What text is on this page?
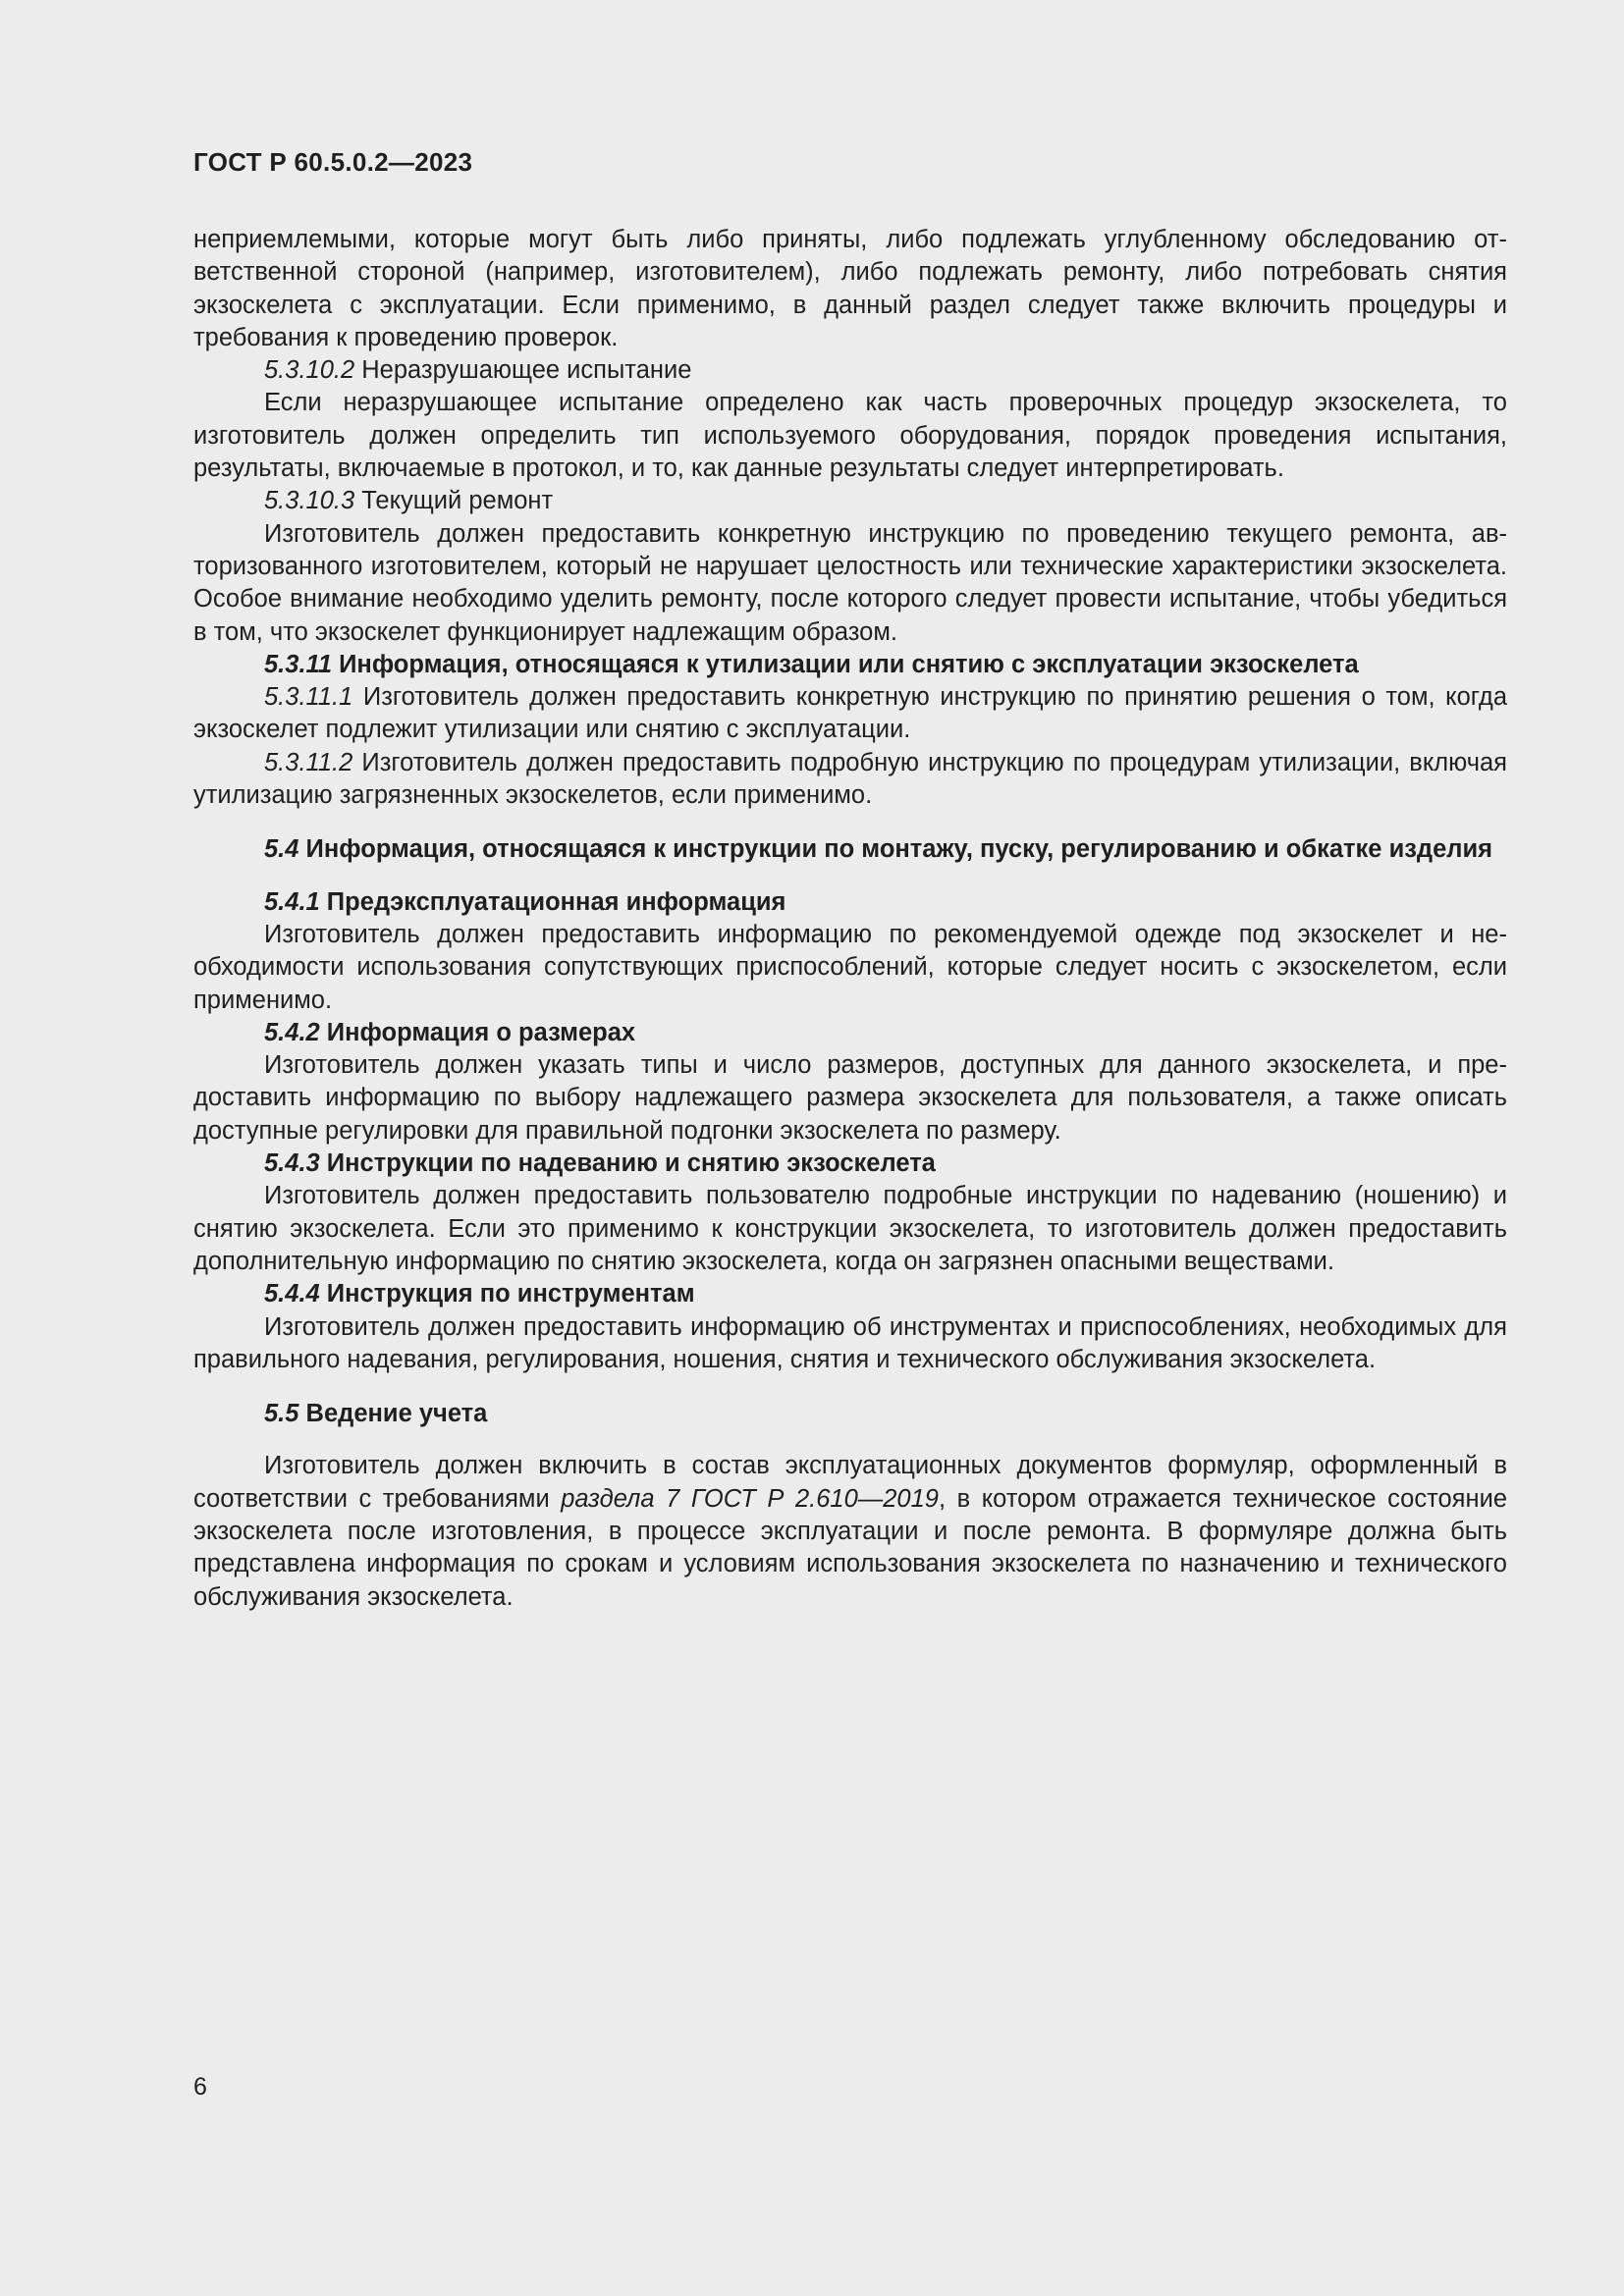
ГОСТ Р 60.5.0.2—2023

неприемлемыми, которые могут быть либо приняты, либо подлежать углубленному обследованию ответственной стороной (например, изготовителем), либо подлежать ремонту, либо потребовать снятия экзоскелета с эксплуатации. Если применимо, в данный раздел следует также включить процедуры и требования к проведению проверок.

5.3.10.2 Неразрушающее испытание

Если неразрушающее испытание определено как часть проверочных процедур экзоскелета, то изготовитель должен определить тип используемого оборудования, порядок проведения испытания, результаты, включаемые в протокол, и то, как данные результаты следует интерпретировать.

5.3.10.3 Текущий ремонт

Изготовитель должен предоставить конкретную инструкцию по проведению текущего ремонта, авторизованного изготовителем, который не нарушает целостность или технические характеристики экзоскелета. Особое внимание необходимо уделить ремонту, после которого следует провести испытание, чтобы убедиться в том, что экзоскелет функционирует надлежащим образом.

5.3.11 Информация, относящаяся к утилизации или снятию с эксплуатации экзоскелета

5.3.11.1 Изготовитель должен предоставить конкретную инструкцию по принятию решения о том, когда экзоскелет подлежит утилизации или снятию с эксплуатации.

5.3.11.2 Изготовитель должен предоставить подробную инструкцию по процедурам утилизации, включая утилизацию загрязненных экзоскелетов, если применимо.

5.4 Информация, относящаяся к инструкции по монтажу, пуску, регулированию и обкатке изделия

5.4.1 Предэксплуатационная информация

Изготовитель должен предоставить информацию по рекомендуемой одежде под экзоскелет и необходимости использования сопутствующих приспособлений, которые следует носить с экзоскелетом, если применимо.

5.4.2 Информация о размерах

Изготовитель должен указать типы и число размеров, доступных для данного экзоскелета, и предоставить информацию по выбору надлежащего размера экзоскелета для пользователя, а также описать доступные регулировки для правильной подгонки экзоскелета по размеру.

5.4.3 Инструкции по надеванию и снятию экзоскелета

Изготовитель должен предоставить пользователю подробные инструкции по надеванию (ношению) и снятию экзоскелета. Если это применимо к конструкции экзоскелета, то изготовитель должен предоставить дополнительную информацию по снятию экзоскелета, когда он загрязнен опасными веществами.

5.4.4 Инструкция по инструментам

Изготовитель должен предоставить информацию об инструментах и приспособлениях, необходимых для правильного надевания, регулирования, ношения, снятия и технического обслуживания экзоскелета.

5.5 Ведение учета

Изготовитель должен включить в состав эксплуатационных документов формуляр, оформленный в соответствии с требованиями раздела 7 ГОСТ Р 2.610—2019, в котором отражается техническое состояние экзоскелета после изготовления, в процессе эксплуатации и после ремонта. В формуляре должна быть представлена информация по срокам и условиям использования экзоскелета по назначению и технического обслуживания экзоскелета.

6
